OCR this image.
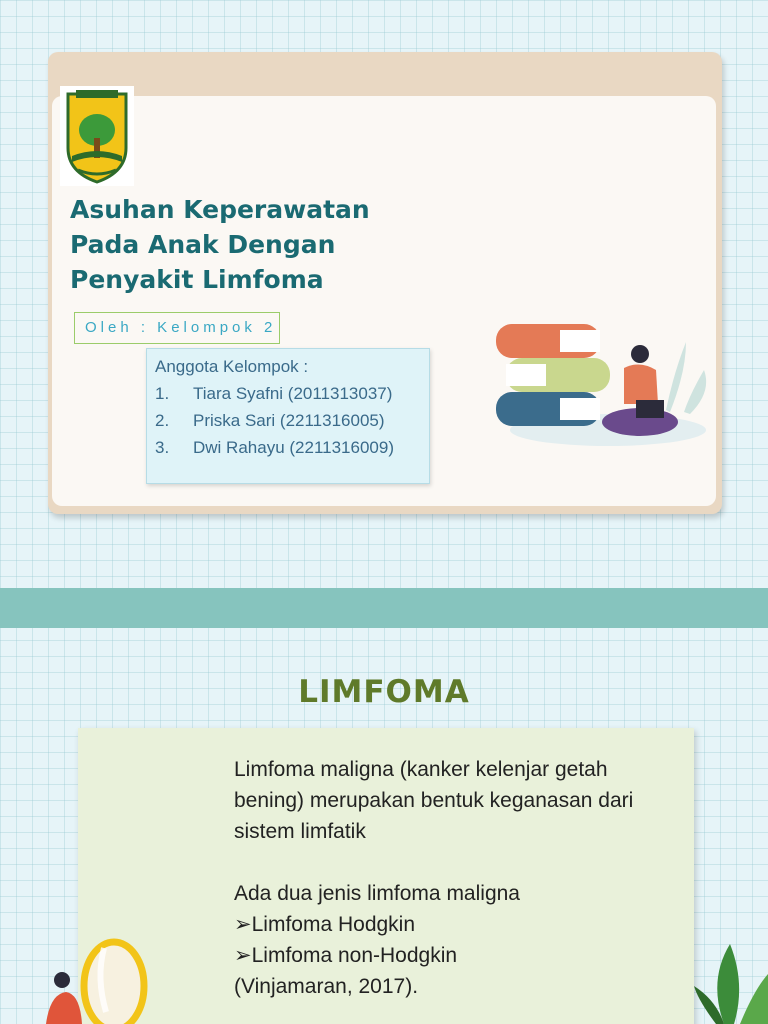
Asuhan Keperawatan
Pada Anak Dengan
Penyakit Limfoma
Oleh : Kelompok 2
Anggota Kelompok :
1. Tiara Syafni (2011313037)
2. Priska Sari (2211316005)
3. Dwi Rahayu (2211316009)
LIMFOMA

Limfoma maligna (kanker kelenjar getah bening) merupakan bentuk keganasan dari sistem limfatik

Ada dua jenis limfoma maligna
➢ Limfoma Hodgkin
➢ Limfoma non-Hodgkin
(Vinjamaran, 2017).
